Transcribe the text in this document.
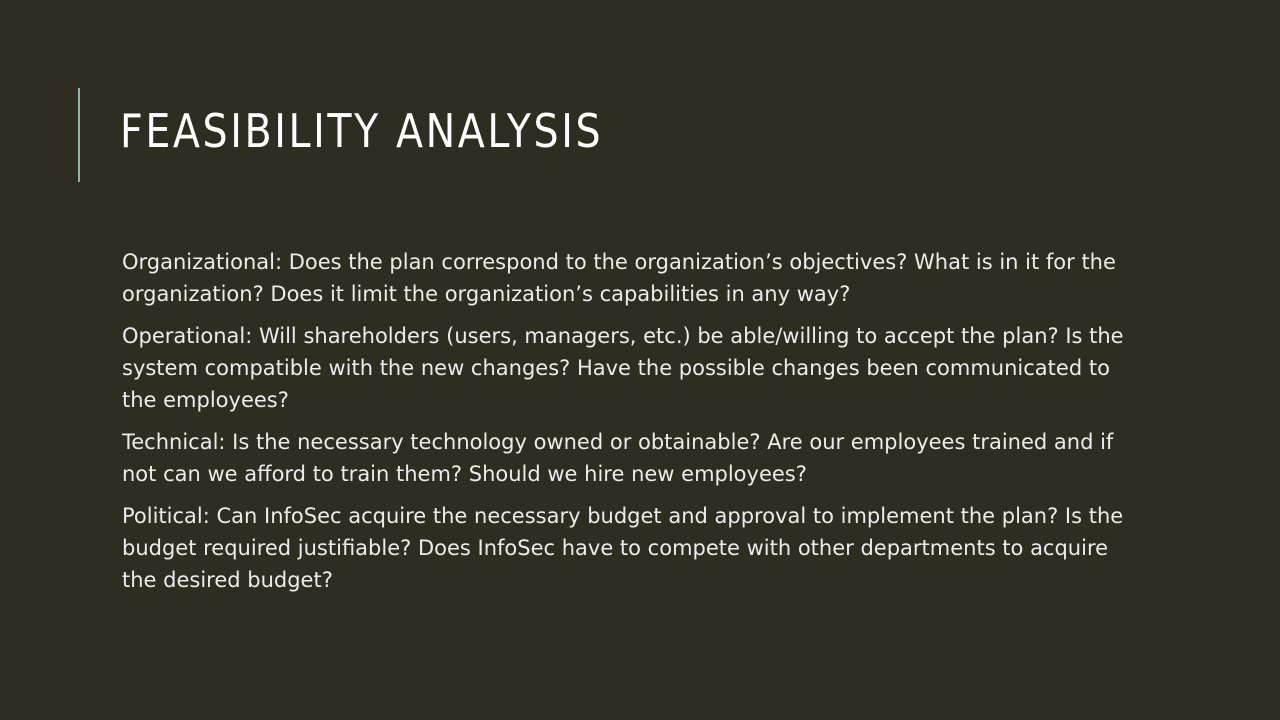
FEASIBILITY ANALYSIS

Organizational: Does the plan correspond to the organization’s objectives? What is in it for the organization? Does it limit the organization’s capabilities in any way?

Operational: Will shareholders (users, managers, etc.) be able/willing to accept the plan? Is the system compatible with the new changes? Have the possible changes been communicated to the employees?

Technical: Is the necessary technology owned or obtainable? Are our employees trained and if not can we afford to train them? Should we hire new employees?

Political: Can InfoSec acquire the necessary budget and approval to implement the plan? Is the budget required justifiable? Does InfoSec have to compete with other departments to acquire the desired budget?
